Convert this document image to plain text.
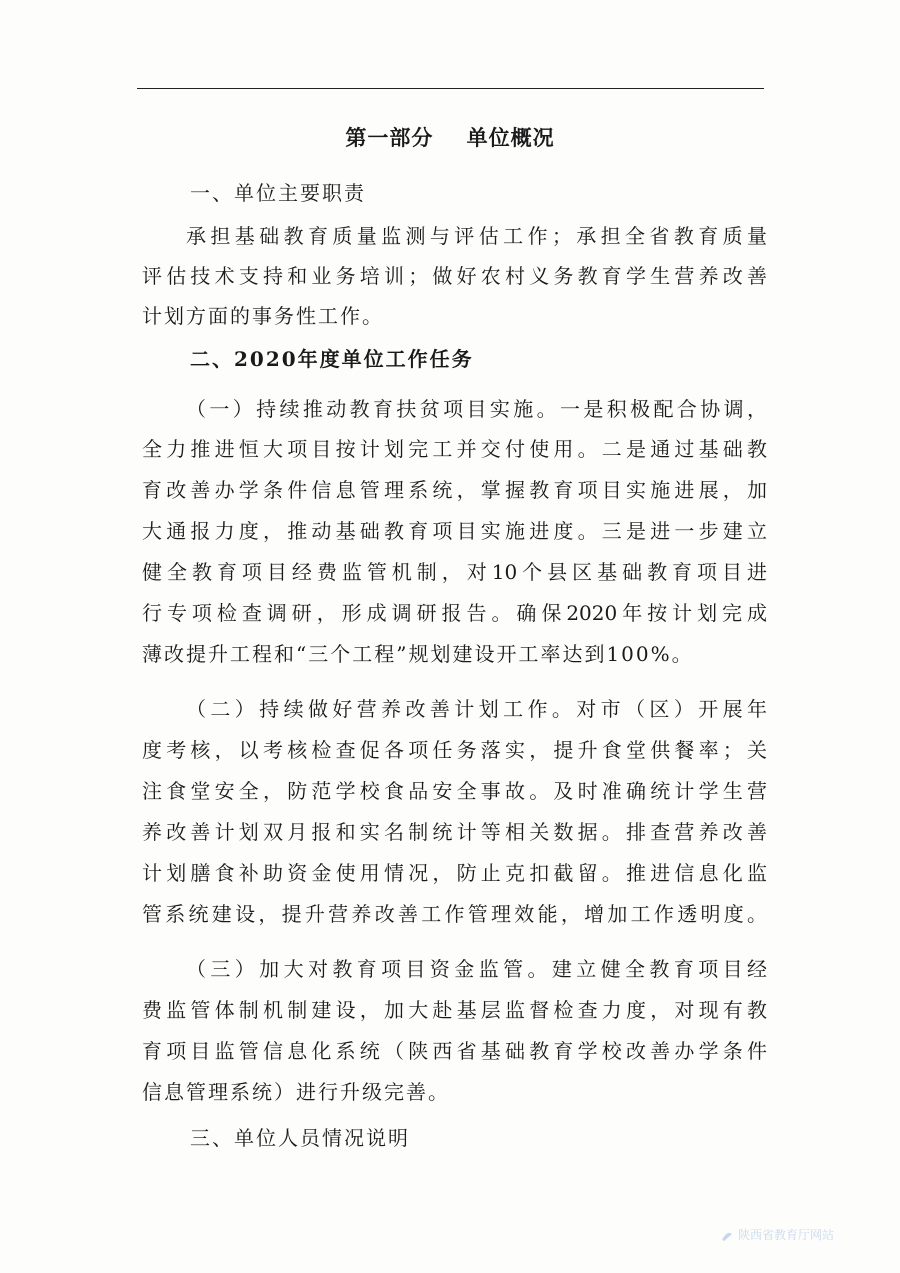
第一部分    单位概况
一、单位主要职责
承担基础教育质量监测与评估工作；承担全省教育质量
评估技术支持和业务培训；做好农村义务教育学生营养改善
计划方面的事务性工作。
二、2020年度单位工作任务
（一）持续推动教育扶贫项目实施。一是积极配合协调，
全力推进恒大项目按计划完工并交付使用。二是通过基础教
育改善办学条件信息管理系统，掌握教育项目实施进展，加
大通报力度，推动基础教育项目实施进度。三是进一步建立
健全教育项目经费监管机制，对10个县区基础教育项目进
行专项检查调研，形成调研报告。确保2020年按计划完成
薄改提升工程和“三个工程”规划建设开工率达到100%。
（二）持续做好营养改善计划工作。对市（区）开展年
度考核，以考核检查促各项任务落实，提升食堂供餐率；关
注食堂安全，防范学校食品安全事故。及时准确统计学生营
养改善计划双月报和实名制统计等相关数据。排查营养改善
计划膳食补助资金使用情况，防止克扣截留。推进信息化监
管系统建设，提升营养改善工作管理效能，增加工作透明度。
（三）加大对教育项目资金监管。建立健全教育项目经
费监管体制机制建设，加大赴基层监督检查力度，对现有教
育项目监管信息化系统（陕西省基础教育学校改善办学条件
信息管理系统）进行升级完善。
三、单位人员情况说明
陕西省教育厅网站
